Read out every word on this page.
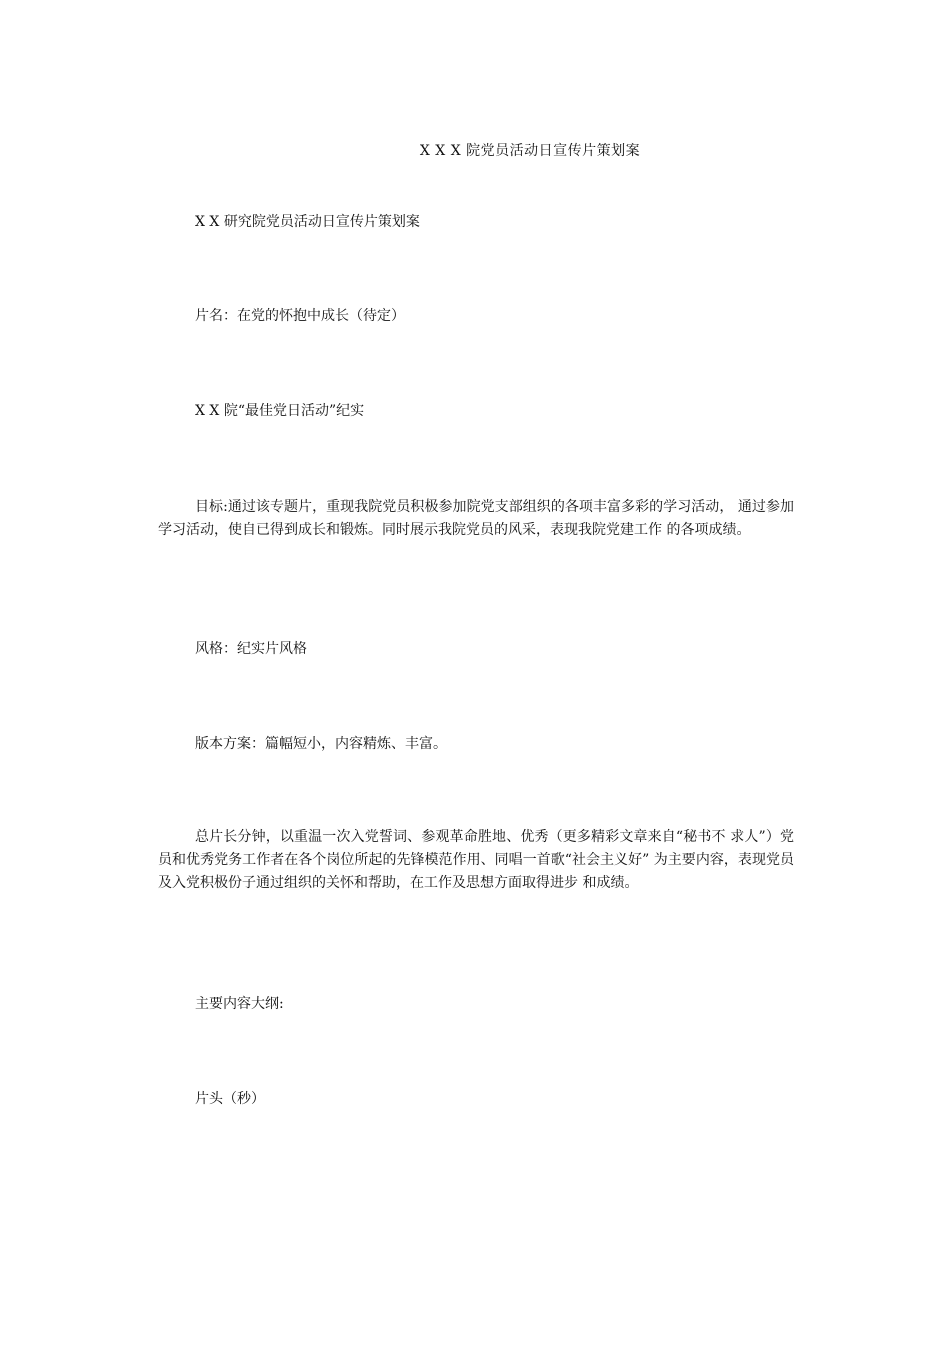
X X X 院党员活动日宣传片策划案

X X 研究院党员活动日宣传片策划案

片名：在党的怀抱中成长（待定）

X X 院“最佳党日活动”纪实

目标:通过该专题片，重现我院党员积极参加院党支部组织的各项丰富多彩的学习活动， 通过参加学习活动，使自已得到成长和锻炼。同时展示我院党员的风采，表现我院党建工作 的各项成绩。

风格：纪实片风格

版本方案：篇幅短小，内容精炼、丰富。

总片长分钟，以重温一次入党誓词、参观革命胜地、优秀（更多精彩文章来自“秘书不 求人”）党员和优秀党务工作者在各个岗位所起的先锋模范作用、同唱一首歌“社会主义好” 为主要内容，表现党员及入党积极份子通过组织的关怀和帮助，在工作及思想方面取得进步 和成绩。

主要内容大纲:

片头（秒）
